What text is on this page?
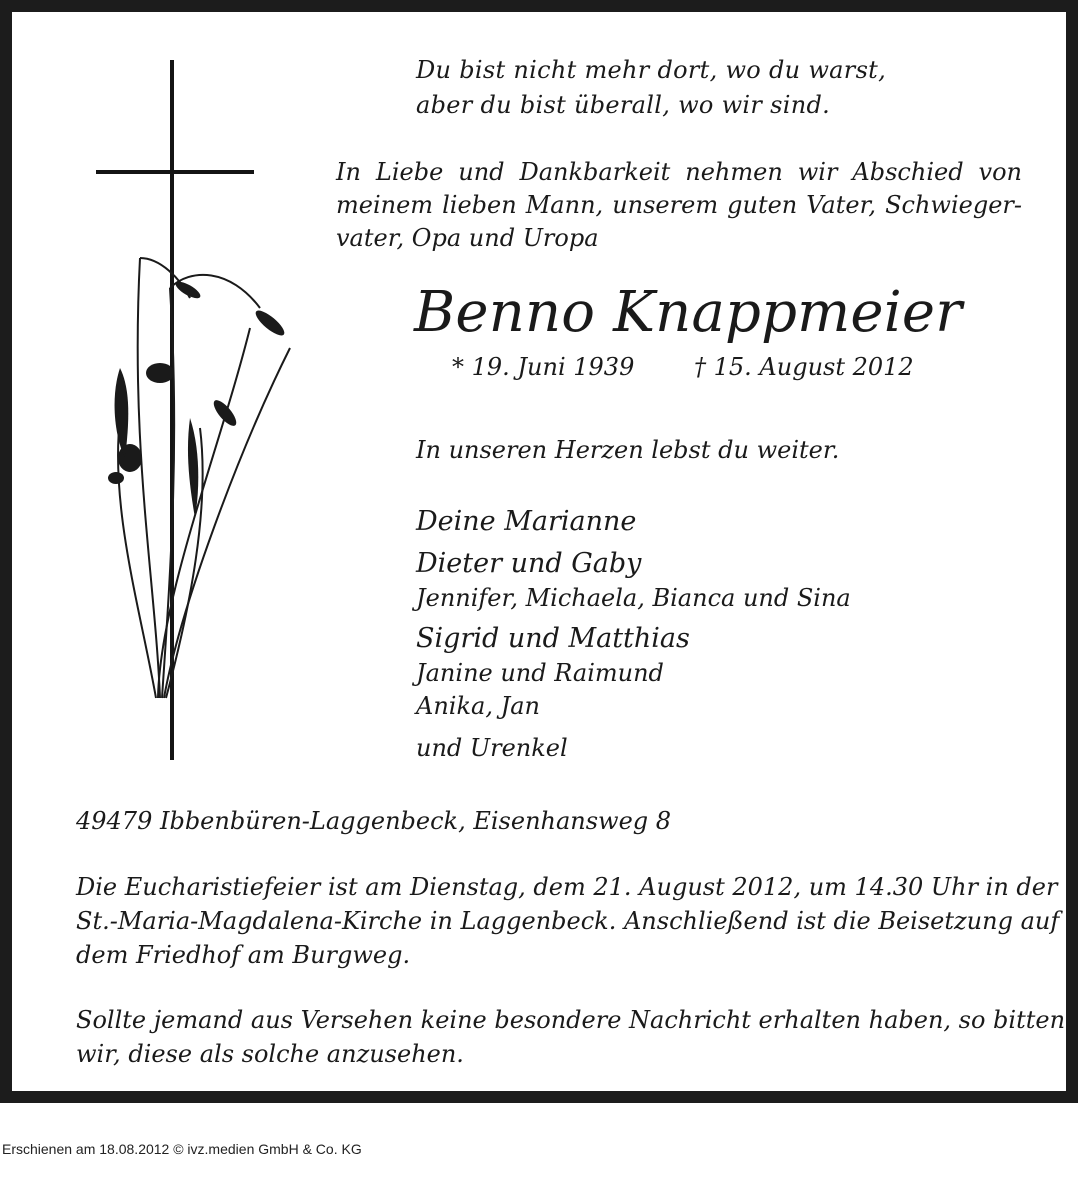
Du bist nicht mehr dort, wo du warst,
aber du bist überall, wo wir sind.
In Liebe und Dankbarkeit nehmen wir Abschied von meinem lieben Mann, unserem guten Vater, Schwiegervater, Opa und Uropa
Benno Knappmeier
* 19. Juni 1939 † 15. August 2012
In unseren Herzen lebst du weiter.
Deine Marianne
Dieter und Gaby
Jennifer, Michaela, Bianca und Sina
Sigrid und Matthias
Janine und Raimund
Anika, Jan
und Urenkel
49479 Ibbenbüren-Laggenbeck, Eisenhansweg 8
Die Eucharistiefeier ist am Dienstag, dem 21. August 2012, um 14.30 Uhr in der
St.-Maria-Magdalena-Kirche in Laggenbeck. Anschließend ist die Beisetzung auf
dem Friedhof am Burgweg.
Sollte jemand aus Versehen keine besondere Nachricht erhalten haben, so bitten
wir, diese als solche anzusehen.
Erschienen am 18.08.2012 © ivz.medien GmbH & Co. KG
